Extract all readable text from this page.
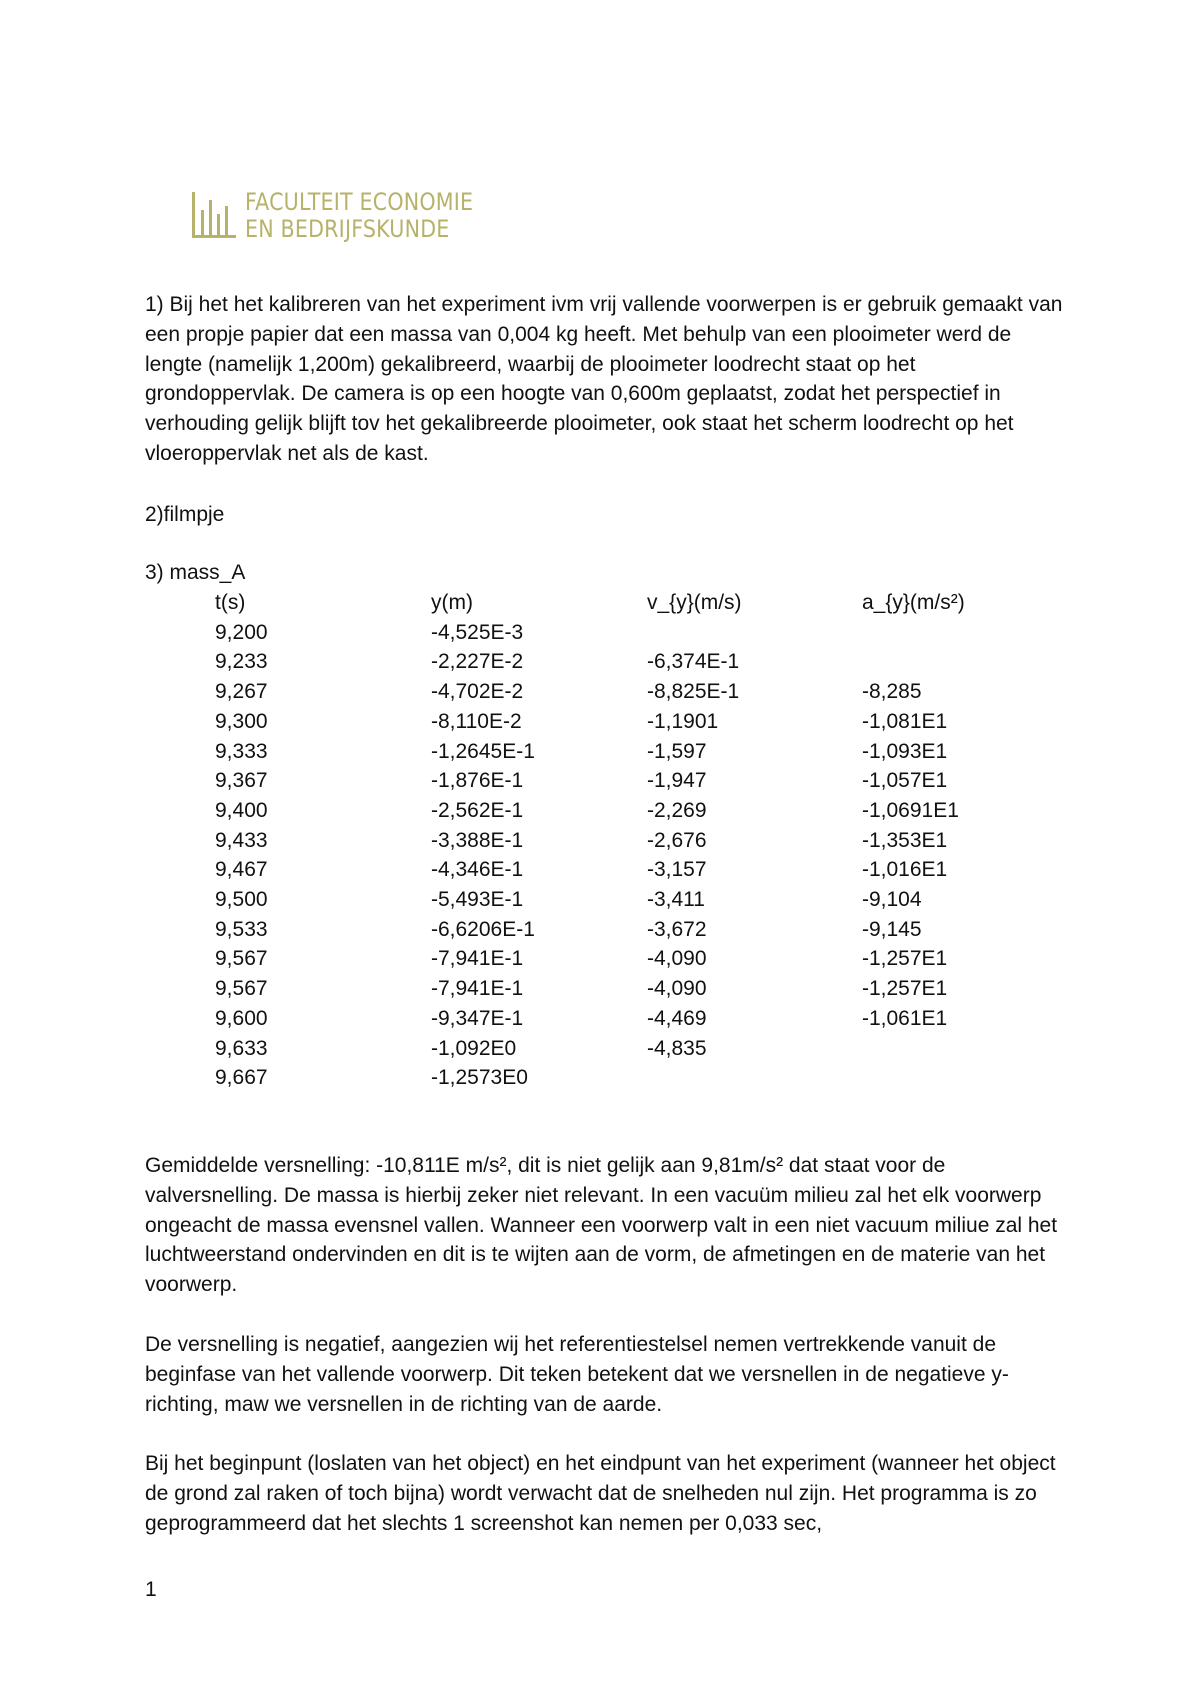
FACULTEIT ECONOMIE
EN BEDRIJFSKUNDE

1) Bij het het kalibreren van het experiment ivm vrij vallende voorwerpen is er gebruik gemaakt van een propje papier dat een massa van 0,004 kg heeft. Met behulp van een plooimeter werd de lengte (namelijk 1,200m) gekalibreerd, waarbij de plooimeter loodrecht staat op het grondoppervlak. De camera is op een hoogte van 0,600m geplaatst, zodat het perspectief in verhouding gelijk blijft tov het gekalibreerde plooimeter, ook staat het scherm loodrecht op het vloeroppervlak net als de kast.

2)filmpje

3) mass_A

t(s)	y(m)	v_{y}(m/s)	a_{y}(m/s²)
9,200	-4,525E-3		
9,233	-2,227E-2	-6,374E-1	
9,267	-4,702E-2	-8,825E-1	-8,285
9,300	-8,110E-2	-1,1901	-1,081E1
9,333	-1,2645E-1	-1,597	-1,093E1
9,367	-1,876E-1	-1,947	-1,057E1
9,400	-2,562E-1	-2,269	-1,0691E1
9,433	-3,388E-1	-2,676	-1,353E1
9,467	-4,346E-1	-3,157	-1,016E1
9,500	-5,493E-1	-3,411	-9,104
9,533	-6,6206E-1	-3,672	-9,145
9,567	-7,941E-1	-4,090	-1,257E1
9,567	-7,941E-1	-4,090	-1,257E1
9,600	-9,347E-1	-4,469	-1,061E1
9,633	-1,092E0	-4,835	
9,667	-1,2573E0		

Gemiddelde versnelling: -10,811E m/s², dit is niet gelijk aan 9,81m/s² dat staat voor de valversnelling. De massa is hierbij zeker niet relevant. In een vacuüm milieu zal het elk voorwerp ongeacht de massa evensnel vallen. Wanneer een voorwerp valt in een niet vacuum miliue zal het luchtweerstand ondervinden en dit is te wijten aan de vorm, de afmetingen en de materie van het voorwerp.

De versnelling is negatief, aangezien wij het referentiestelsel nemen vertrekkende vanuit de beginfase van het vallende voorwerp. Dit teken betekent dat we versnellen in de negatieve y-richting, maw we versnellen in de richting van de aarde.

Bij het beginpunt (loslaten van het object) en het eindpunt van het experiment (wanneer het object de grond zal raken of toch bijna) wordt verwacht dat de snelheden nul zijn. Het programma is zo geprogrammeerd dat het slechts 1 screenshot kan nemen per 0,033 sec,

1
